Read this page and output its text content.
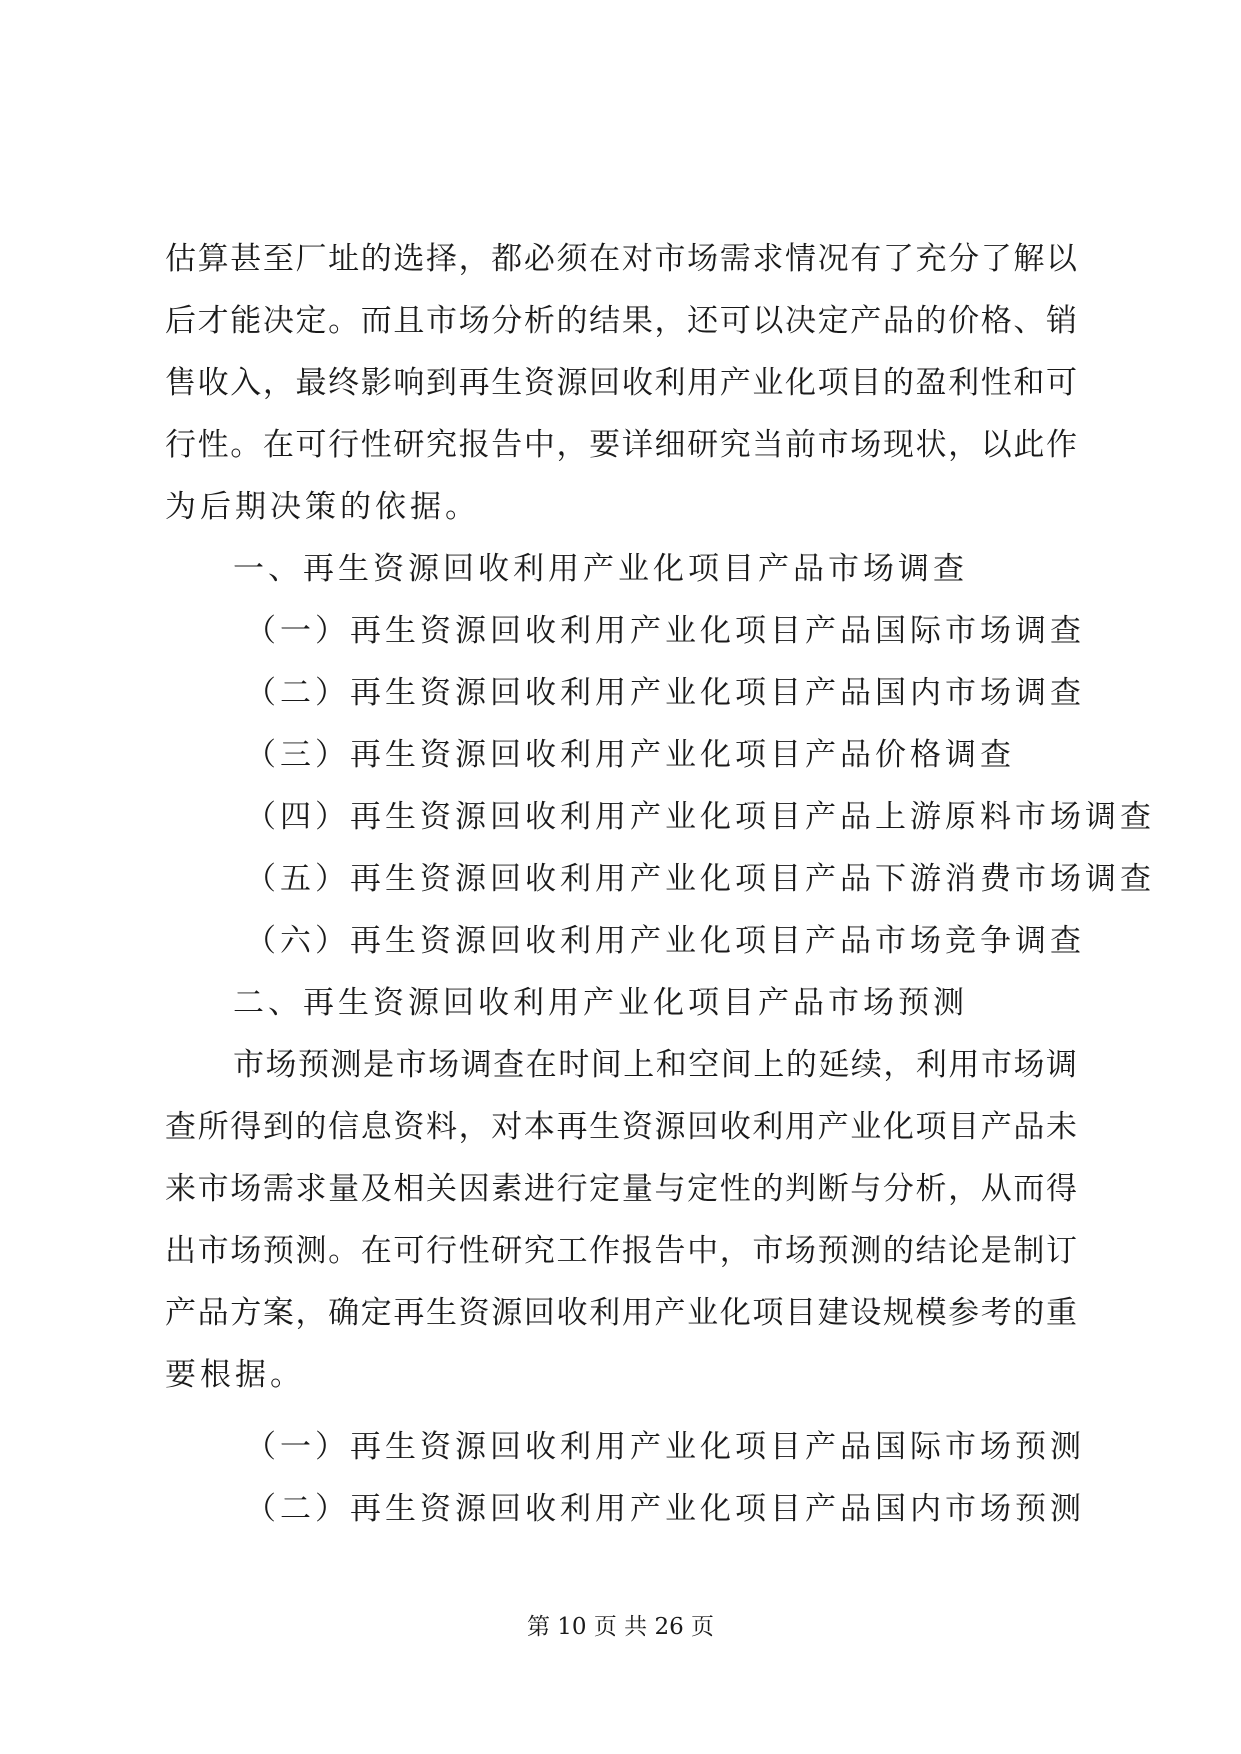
估算甚至厂址的选择，都必须在对市场需求情况有了充分了解以
后才能决定。而且市场分析的结果，还可以决定产品的价格、销
售收入，最终影响到再生资源回收利用产业化项目的盈利性和可
行性。在可行性研究报告中，要详细研究当前市场现状，以此作
为后期决策的依据。
一、再生资源回收利用产业化项目产品市场调查
（一）再生资源回收利用产业化项目产品国际市场调查
（二）再生资源回收利用产业化项目产品国内市场调查
（三）再生资源回收利用产业化项目产品价格调查
（四）再生资源回收利用产业化项目产品上游原料市场调查
（五）再生资源回收利用产业化项目产品下游消费市场调查
（六）再生资源回收利用产业化项目产品市场竞争调查
二、再生资源回收利用产业化项目产品市场预测
市场预测是市场调查在时间上和空间上的延续，利用市场调
查所得到的信息资料，对本再生资源回收利用产业化项目产品未
来市场需求量及相关因素进行定量与定性的判断与分析，从而得
出市场预测。在可行性研究工作报告中，市场预测的结论是制订
产品方案，确定再生资源回收利用产业化项目建设规模参考的重
要根据。
（一）再生资源回收利用产业化项目产品国际市场预测
（二）再生资源回收利用产业化项目产品国内市场预测
第 10 页 共 26 页
